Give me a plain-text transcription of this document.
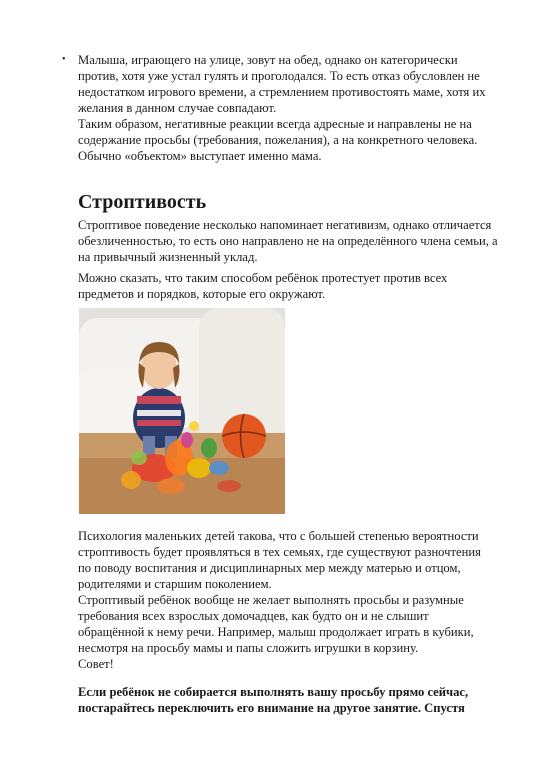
• Малыша, играющего на улице, зовут на обед, однако он категорически
против, хотя уже устал гулять и проголодался. То есть отказ обусловлен не
недостатком игрового времени, а стремлением противостоять маме, хотя их
желания в данном случае совпадают.
Таким образом, негативные реакции всегда адресные и направлены не на
содержание просьбы (требования, пожелания), а на конкретного человека.
Обычно «объектом» выступает именно мама.
Строптивость
Строптивое поведение несколько напоминает негативизм, однако отличается
обезличенностью, то есть оно направлено не на определённого члена семьи, а
на привычный жизненный уклад.
Можно сказать, что таким способом ребёнок протестует против всех
предметов и порядков, которые его окружают.
Психология маленьких детей такова, что с большей степенью вероятности
строптивость будет проявляться в тех семьях, где существуют разночтения
по поводу воспитания и дисциплинарных мер между матерью и отцом,
родителями и старшим поколением.
Строптивый ребёнок вообще не желает выполнять просьбы и разумные
требования всех взрослых домочадцев, как будто он и не слышит
обращённой к нему речи. Например, малыш продолжает играть в кубики,
несмотря на просьбу мамы и папы сложить игрушки в корзину.
Совет!
Если ребёнок не собирается выполнять вашу просьбу прямо сейчас,
постарайтесь переключить его внимание на другое занятие. Спустя
